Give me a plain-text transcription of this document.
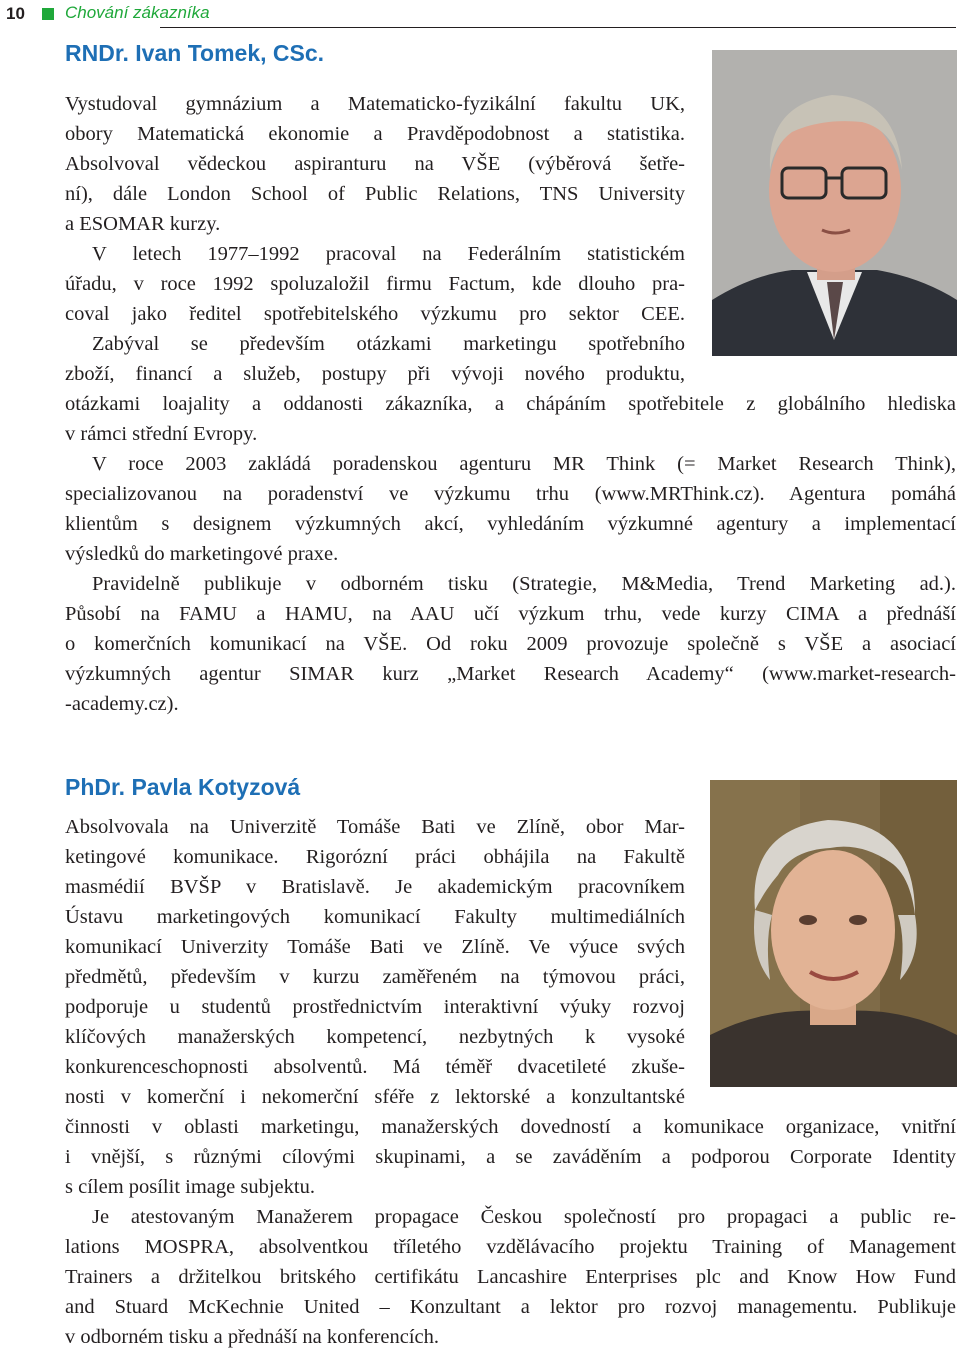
10 Chování zákazníka
RNDr. Ivan Tomek, CSc.
Vystudoval gymnázium a Matematicko-fyzikální fakultu UK,
obory Matematická ekonomie a Pravděpodobnost a statistika.
Absolvoval vědeckou aspiranturu na VŠE (výběrová šetře-
ní), dále London School of Public Relations, TNS University
a ESOMAR kurzy.
V letech 1977–1992 pracoval na Federálním statistickém
úřadu, v roce 1992 spoluzaložil firmu Factum, kde dlouho pra-
coval jako ředitel spotřebitelského výzkumu pro sektor CEE.
Zabýval se především otázkami marketingu spotřebního
zboží, financí a služeb, postupy při vývoji nového produktu,
otázkami loajality a oddanosti zákazníka, a chápáním spotřebitele z globálního hlediska
v rámci střední Evropy.
V roce 2003 zakládá poradenskou agenturu MR Think (= Market Research Think),
specializovanou na poradenství ve výzkumu trhu (www.MRThink.cz). Agentura pomáhá
klientům s designem výzkumných akcí, vyhledáním výzkumné agentury a implementací
výsledků do marketingové praxe.
Pravidelně publikuje v odborném tisku (Strategie, M&Media, Trend Marketing ad.).
Působí na FAMU a HAMU, na AAU učí výzkum trhu, vede kurzy CIMA a přednáší
o komerčních komunikací na VŠE. Od roku 2009 provozuje společně s VŠE a asociací
výzkumných agentur SIMAR kurz „Market Research Academy“ (www.market-research-
-academy.cz).
PhDr. Pavla Kotyzová
Absolvovala na Univerzitě Tomáše Bati ve Zlíně, obor Mar-
ketingové komunikace. Rigorózní práci obhájila na Fakultě
masmédií BVŠP v Bratislavě. Je akademickým pracovníkem
Ústavu marketingových komunikací Fakulty multimediálních
komunikací Univerzity Tomáše Bati ve Zlíně. Ve výuce svých
předmětů, především v kurzu zaměřeném na týmovou práci,
podporuje u studentů prostřednictvím interaktivní výuky rozvoj
klíčových manažerských kompetencí, nezbytných k vysoké
konkurenceschopnosti absolventů. Má téměř dvacetileté zkuše-
nosti v komerční i nekomerční sféře z lektorské a konzultantské
činnosti v oblasti marketingu, manažerských dovedností a komunikace organizace, vnitřní
i vnější, s různými cílovými skupinami, a se zaváděním a podporou Corporate Identity
s cílem posílit image subjektu.
Je atestovaným Manažerem propagace Českou společností pro propagaci a public re-
lations MOSPRA, absolventkou tříletého vzdělávacího projektu Training of Management
Trainers a držitelkou britského certifikátu Lancashire Enterprises plc and Know How Fund
and Stuard McKechnie United – Konzultant a lektor pro rozvoj managementu. Publikuje
v odborném tisku a přednáší na konferencích.
